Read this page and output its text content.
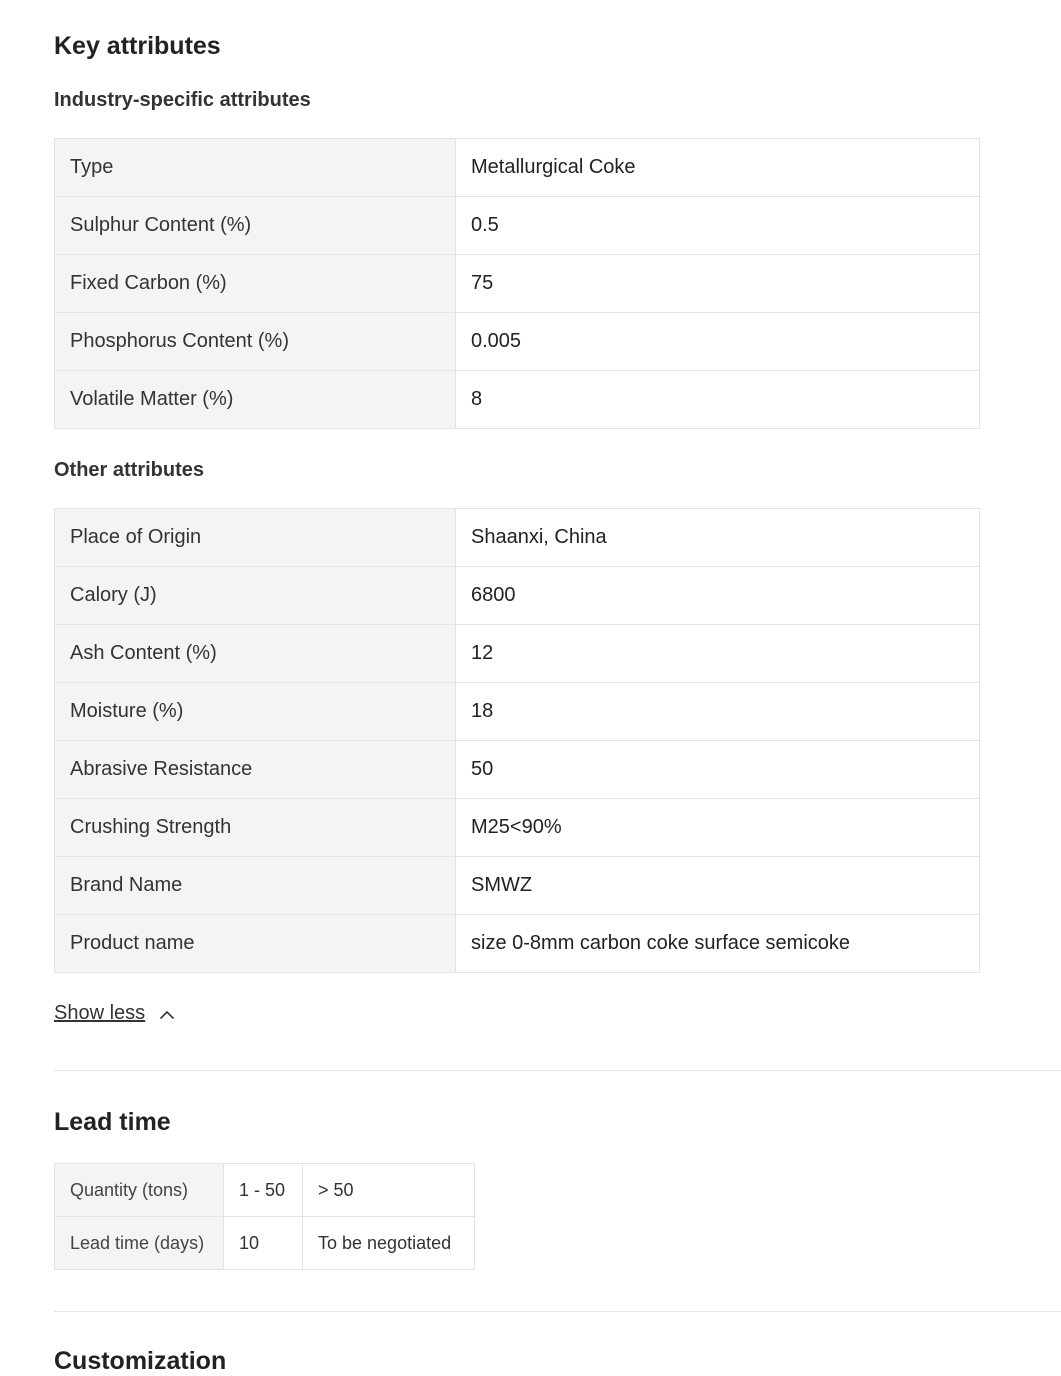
Key attributes
Industry-specific attributes
Type	Metallurgical Coke
Sulphur Content (%)	0.5
Fixed Carbon (%)	75
Phosphorus Content (%)	0.005
Volatile Matter (%)	8
Other attributes
Place of Origin	Shaanxi, China
Calory (J)	6800
Ash Content (%)	12
Moisture (%)	18
Abrasive Resistance	50
Crushing Strength	M25<90%
Brand Name	SMWZ
Product name	size 0-8mm carbon coke surface semicoke
Show less
Lead time
Quantity (tons)	1 - 50	> 50
Lead time (days)	10	To be negotiated
Customization
